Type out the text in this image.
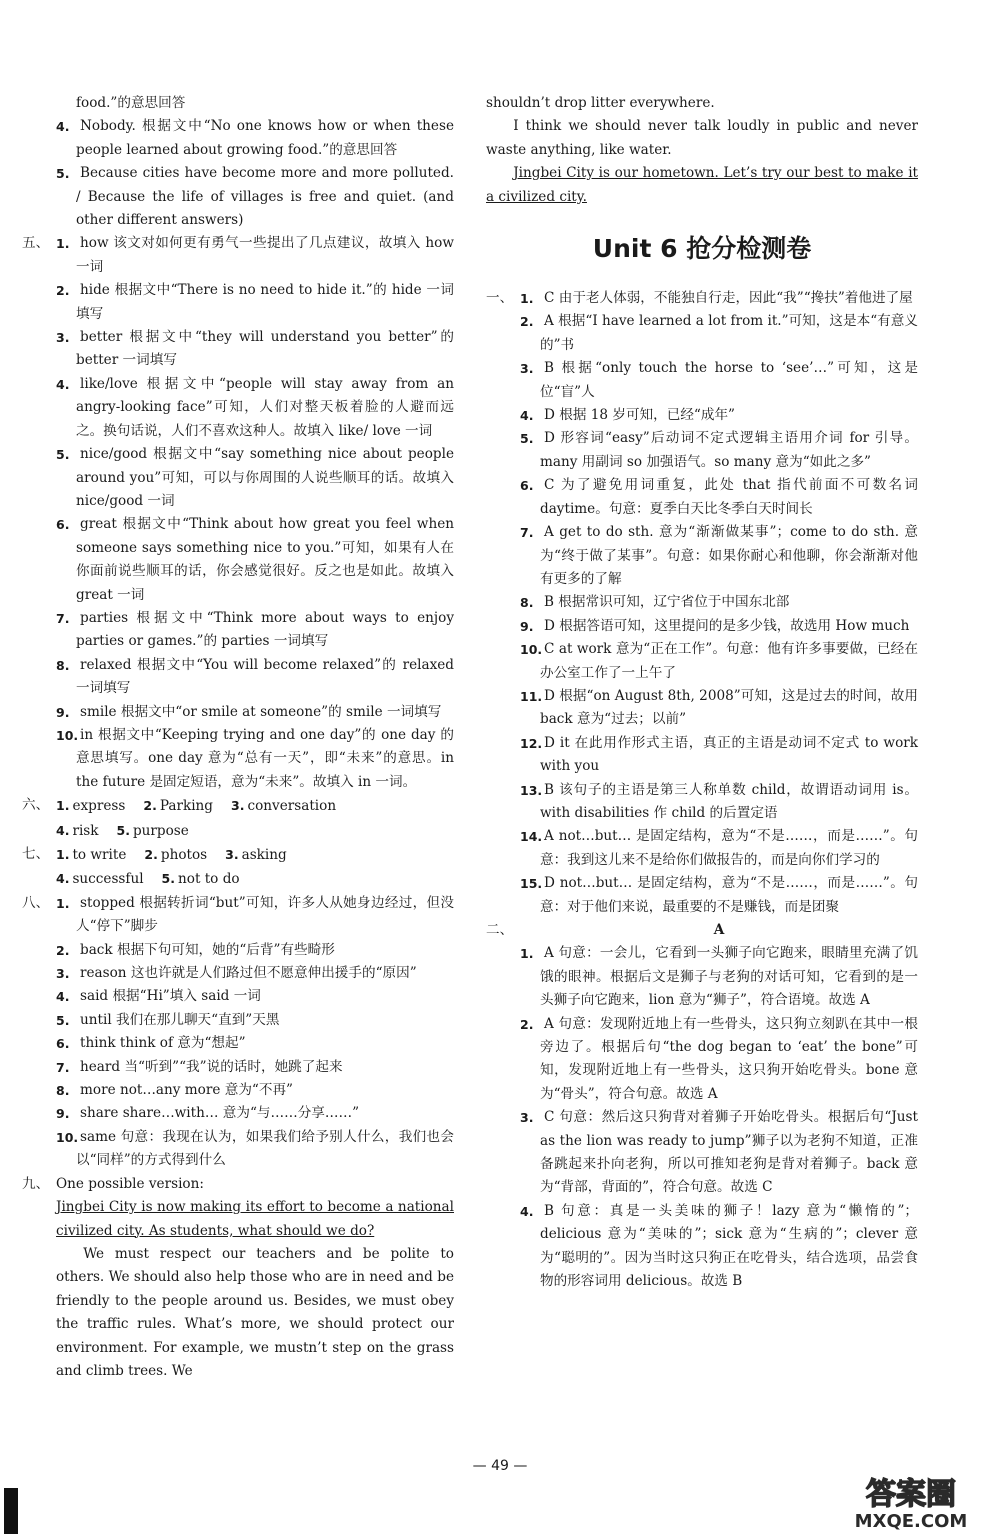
food.”的意思回答
4. Nobody. 根据文中“No one knows how or when these people learned about growing food.”的意思回答
5. Because cities have become more and more polluted. / Because the life of villages is free and quiet. (and other different answers)
五、 1. how 该文对如何更有勇气一些提出了几点建议，故填入 how 一词
2. hide 根据文中“There is no need to hide it.”的 hide 一词填写
3. better 根据文中“they will understand you better”的 better 一词填写
4. like/love 根据文中“people will stay away from an angry-looking face”可知，人们对整天板着脸的人避而远之。换句话说，人们不喜欢这种人。故填入 like/ love 一词
5. nice/good 根据文中“say something nice about people around you”可知，可以与你周围的人说些顺耳的话。故填入 nice/good 一词
6. great 根据文中“Think about how great you feel when someone says something nice to you.”可知，如果有人在你面前说些顺耳的话，你会感觉很好。反之也是如此。故填入 great 一词
7. parties 根据文中“Think more about ways to enjoy parties or games.”的 parties 一词填写
8. relaxed 根据文中“You will become relaxed”的 relaxed 一词填写
9. smile 根据文中“or smile at someone”的 smile 一词填写
10. in 根据文中“Keeping trying and one day”的 one day 的意思填写。one day 意为“总有一天”，即“未来”的意思。in the future 是固定短语，意为“未来”。故填入 in 一词。
六、 1. express 2. Parking 3. conversation
4. risk 5. purpose
七、 1. to write 2. photos 3. asking
4. successful 5. not to do
八、 1. stopped 根据转折词“but”可知，许多人从她身边经过，但没人“停下”脚步
2. back 根据下句可知，她的“后背”有些畸形
3. reason 这也许就是人们路过但不愿意伸出援手的“原因”
4. said 根据“Hi”填入 said 一词
5. until 我们在那儿聊天“直到”天黑
6. think think of 意为“想起”
7. heard 当“听到”“我”说的话时，她跳了起来
8. more not…any more 意为“不再”
9. share share…with… 意为“与……分享……”
10. same 句意：我现在认为，如果我们给予别人什么，我们也会以“同样”的方式得到什么
九、 One possible version:
Jingbei City is now making its effort to become a national civilized city. As students, what should we do?
We must respect our teachers and be polite to others. We should also help those who are in need and be friendly to the people around us. Besides, we must obey the traffic rules. What’s more, we should protect our environment. For example, we mustn’t step on the grass and climb trees. We
shouldn’t drop litter everywhere.
I think we should never talk loudly in public and never waste anything, like water.
Jingbei City is our hometown. Let’s try our best to make it a civilized city.
Unit 6 抢分检测卷
一、 1. C 由于老人体弱，不能独自行走，因此“我”“搀扶”着他进了屋
2. A 根据“I have learned a lot from it.”可知，这是本“有意义的”书
3. B 根据“only touch the horse to ‘see’…”可知，这是位“盲”人
4. D 根据 18 岁可知，已经“成年”
5. D 形容词“easy”后动词不定式逻辑主语用介词 for 引导。many 用副词 so 加强语气。so many 意为“如此之多”
6. C 为了避免用词重复，此处 that 指代前面不可数名词 daytime。句意：夏季白天比冬季白天时间长
7. A get to do sth. 意为“渐渐做某事”；come to do sth. 意为“终于做了某事”。句意：如果你耐心和他聊，你会渐渐对他有更多的了解
8. B 根据常识可知，辽宁省位于中国东北部
9. D 根据答语可知，这里提问的是多少钱，故选用 How much
10. C at work 意为“正在工作”。句意：他有许多事要做，已经在办公室工作了一上午了
11. D 根据“on August 8th, 2008”可知，这是过去的时间，故用 back 意为“过去；以前”
12. D it 在此用作形式主语，真正的主语是动词不定式 to work with you
13. B 该句子的主语是第三人称单数 child，故谓语动词用 is。with disabilities 作 child 的后置定语
14. A not…but… 是固定结构，意为“不是……，而是……”。句意：我到这儿来不是给你们做报告的，而是向你们学习的
15. D not…but… 是固定结构，意为“不是……，而是……”。句意：对于他们来说，最重要的不是赚钱，而是团聚
二、	A
1. A 句意：一会儿，它看到一头狮子向它跑来，眼睛里充满了饥饿的眼神。根据后文是狮子与老狗的对话可知，它看到的是一头狮子向它跑来，lion 意为“狮子”，符合语境。故选 A
2. A 句意：发现附近地上有一些骨头，这只狗立刻趴在其中一根旁边了。根据后句“the dog began to ‘eat’ the bone”可知，发现附近地上有一些骨头，这只狗开始吃骨头。bone 意为“骨头”，符合句意。故选 A
3. C 句意：然后这只狗背对着狮子开始吃骨头。根据后句“Just as the lion was ready to jump”狮子以为老狗不知道，正准备跳起来扑向老狗，所以可推知老狗是背对着狮子。back 意为“背部，背面的”，符合句意。故选 C
4. B 句意：真是一头美味的狮子！lazy 意为“懒惰的”；delicious 意为“美味的”；sick 意为“生病的”；clever 意为“聪明的”。因为当时这只狗正在吃骨头，结合选项，品尝食物的形容词用 delicious。故选 B
— 49 —
答案圈
MXQE.COM
